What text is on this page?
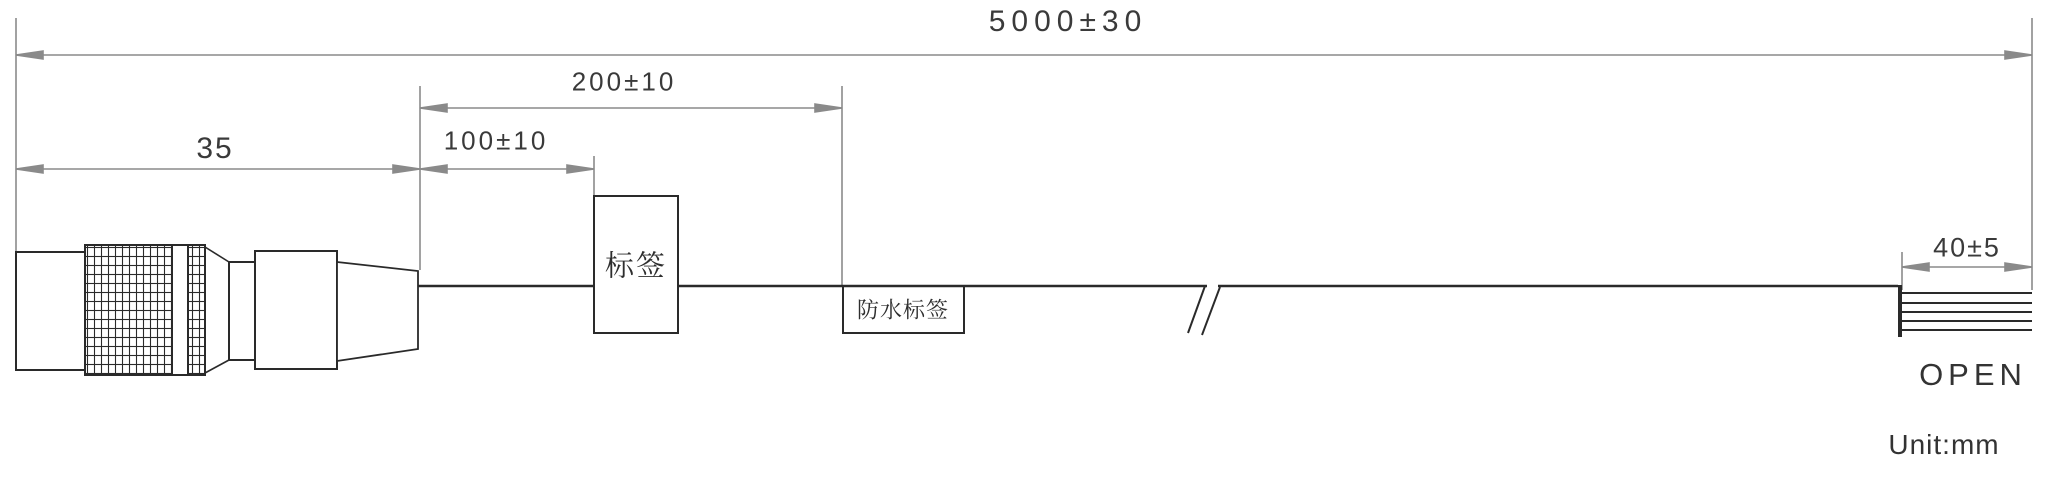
5000±30
200±10
100±10
35
40±5
标签
防水标签
OPEN
Unit:mm
